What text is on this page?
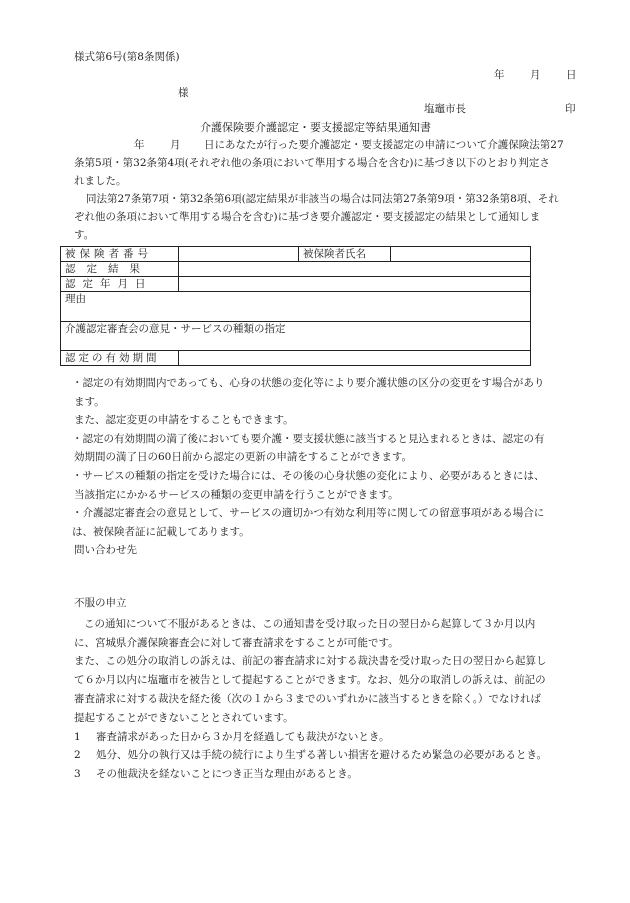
様式第6号(第8条関係)
年 月 日
様
塩竈市長	印
介護保険要介護認定・要支援認定等結果通知書
年 月 日にあなたが行った要介護認定・要支援認定の申請について介護保険法第27
条第5項・第32条第4項(それぞれ他の条項において準用する場合を含む)に基づき以下のとおり判定さ
れました。
同法第27条第7項・第32条第6項(認定結果が非該当の場合は同法第27条第9項・第32条第8項、それ
ぞれ他の条項において準用する場合を含む)に基づき要介護認定・要支援認定の結果として通知しま
す。
被保険者番号		被保険者氏名	
認定結果			
認定年月日			
理由			
介護認定審査会の意見・サービスの種類の指定			
認定の有効期間			

・認定の有効期間内であっても、心身の状態の変化等により要介護状態の区分の変更をす場合があり

ます。

また、認定変更の申請をすることもできます。

・認定の有効期間の満了後においても要介護・要支援状態に該当すると見込まれるときは、認定の有

効期間の満了日の60日前から認定の更新の申請をすることができます。

・サービスの種類の指定を受けた場合には、その後の心身状態の変化により、必要があるときには、

当該指定にかかるサービスの種類の変更申請を行うことができます。

・介護認定審査会の意見として、サービスの適切かつ有効な利用等に関しての留意事項がある場合に

は、被保険者証に記載してあります。

問い合わせ先

不服の申立

この通知について不服があるときは、この通知書を受け取った日の翌日から起算して３か月以内

に、宮城県介護保険審査会に対して審査請求をすることが可能です。

また、この処分の取消しの訴えは、前記の審査請求に対する裁決書を受け取った日の翌日から起算し

て６か月以内に塩竈市を被告として提起することができます。なお、処分の取消しの訴えは、前記の

審査請求に対する裁決を経た後（次の１から３までのいずれかに該当するときを除く。）でなければ

提起することができないこととされています。

1 審査請求があった日から３か月を経過しても裁決がないとき。

2 処分、処分の執行又は手続の続行により生ずる著しい損害を避けるため緊急の必要があるとき。

3 その他裁決を経ないことにつき正当な理由があるとき。
